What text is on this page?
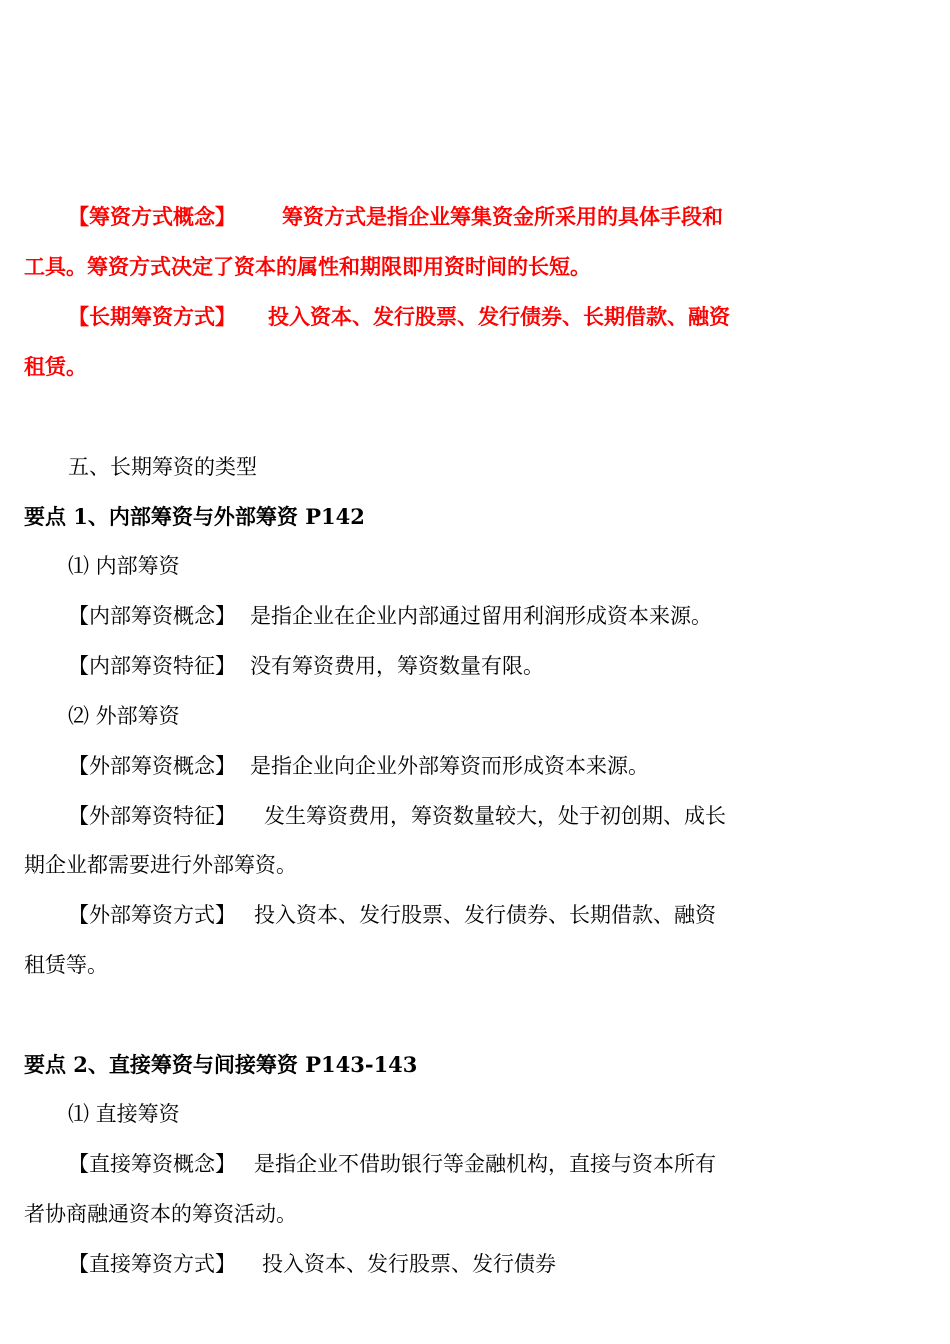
【筹资方式概念】 筹资方式是指企业筹集资金所采用的具体手段和
工具。筹资方式决定了资本的属性和期限即用资时间的长短。
【长期筹资方式】 投入资本、发行股票、发行债券、长期借款、融资
租赁。
五、长期筹资的类型
要点 1、内部筹资与外部筹资 P142
⑴ 内部筹资
【内部筹资概念】 是指企业在企业内部通过留用利润形成资本来源。
【内部筹资特征】 没有筹资费用，筹资数量有限。
⑵ 外部筹资
【外部筹资概念】 是指企业向企业外部筹资而形成资本来源。
【外部筹资特征】 发生筹资费用，筹资数量较大，处于初创期、成长
期企业都需要进行外部筹资。
【外部筹资方式】 投入资本、发行股票、发行债券、长期借款、融资
租赁等。
要点 2、直接筹资与间接筹资 P143-143
⑴ 直接筹资
【直接筹资概念】 是指企业不借助银行等金融机构，直接与资本所有
者协商融通资本的筹资活动。
【直接筹资方式】 投入资本、发行股票、发行债券
